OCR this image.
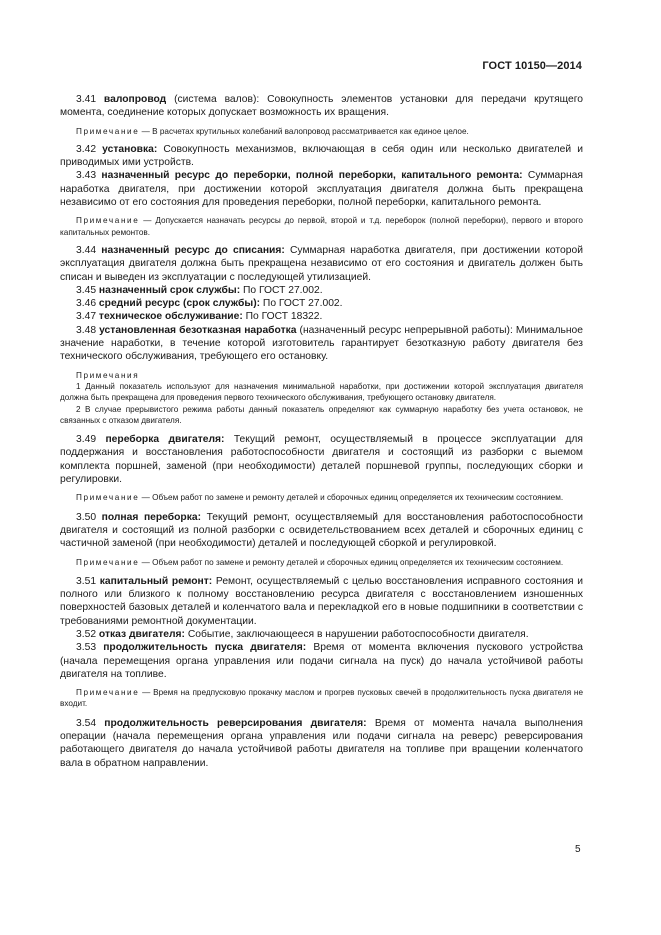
ГОСТ 10150—2014

3.41 валопровод (система валов): Совокупность элементов установки для передачи крутящего момента, соединение которых допускает возможность их вращения.

Примечание — В расчетах крутильных колебаний валопровод рассматривается как единое целое.

3.42 установка: Совокупность механизмов, включающая в себя один или несколько двигателей и приводимых ими устройств.

3.43 назначенный ресурс до переборки, полной переборки, капитального ремонта: Суммарная наработка двигателя, при достижении которой эксплуатация двигателя должна быть прекращена независимо от его состояния для проведения переборки, полной переборки, капитального ремонта.

Примечание — Допускается назначать ресурсы до первой, второй и т.д. переборок (полной переборки), первого и второго капитальных ремонтов.

3.44 назначенный ресурс до списания: Суммарная наработка двигателя, при достижении которой эксплуатация двигателя должна быть прекращена независимо от его состояния и двигатель должен быть списан и выведен из эксплуатации с последующей утилизацией.

3.45 назначенный срок службы: По ГОСТ 27.002.

3.46 средний ресурс (срок службы): По ГОСТ 27.002.

3.47 техническое обслуживание: По ГОСТ 18322.

3.48 установленная безотказная наработка (назначенный ресурс непрерывной работы): Минимальное значение наработки, в течение которой изготовитель гарантирует безотказную работу двигателя без технического обслуживания, требующего его остановку.

Примечания

1 Данный показатель используют для назначения минимальной наработки, при достижении которой эксплуатация двигателя должна быть прекращена для проведения первого технического обслуживания, требующего остановку двигателя.

2 В случае прерывистого режима работы данный показатель определяют как суммарную наработку без учета остановок, не связанных с отказом двигателя.

3.49 переборка двигателя: Текущий ремонт, осуществляемый в процессе эксплуатации для поддержания и восстановления работоспособности двигателя и состоящий из разборки с выемом комплекта поршней, заменой (при необходимости) деталей поршневой группы, последующих сборки и регулировки.

Примечание — Объем работ по замене и ремонту деталей и сборочных единиц определяется их техническим состоянием.

3.50 полная переборка: Текущий ремонт, осуществляемый для восстановления работоспособности двигателя и состоящий из полной разборки с освидетельствованием всех деталей и сборочных единиц с частичной заменой (при необходимости) деталей и последующей сборкой и регулировкой.

Примечание — Объем работ по замене и ремонту деталей и сборочных единиц определяется их техническим состоянием.

3.51 капитальный ремонт: Ремонт, осуществляемый с целью восстановления исправного состояния и полного или близкого к полному восстановлению ресурса двигателя с восстановлением изношенных поверхностей базовых деталей и коленчатого вала и перекладкой его в новые подшипники в соответствии с требованиями ремонтной документации.

3.52 отказ двигателя: Событие, заключающееся в нарушении работоспособности двигателя.

3.53 продолжительность пуска двигателя: Время от момента включения пускового устройства (начала перемещения органа управления или подачи сигнала на пуск) до начала устойчивой работы двигателя на топливе.

Примечание — Время на предпусковую прокачку маслом и прогрев пусковых свечей в продолжительность пуска двигателя не входит.

3.54 продолжительность реверсирования двигателя: Время от момента начала выполнения операции (начала перемещения органа управления или подачи сигнала на реверс) реверсирования работающего двигателя до начала устойчивой работы двигателя на топливе при вращении коленчатого вала в обратном направлении.

5
